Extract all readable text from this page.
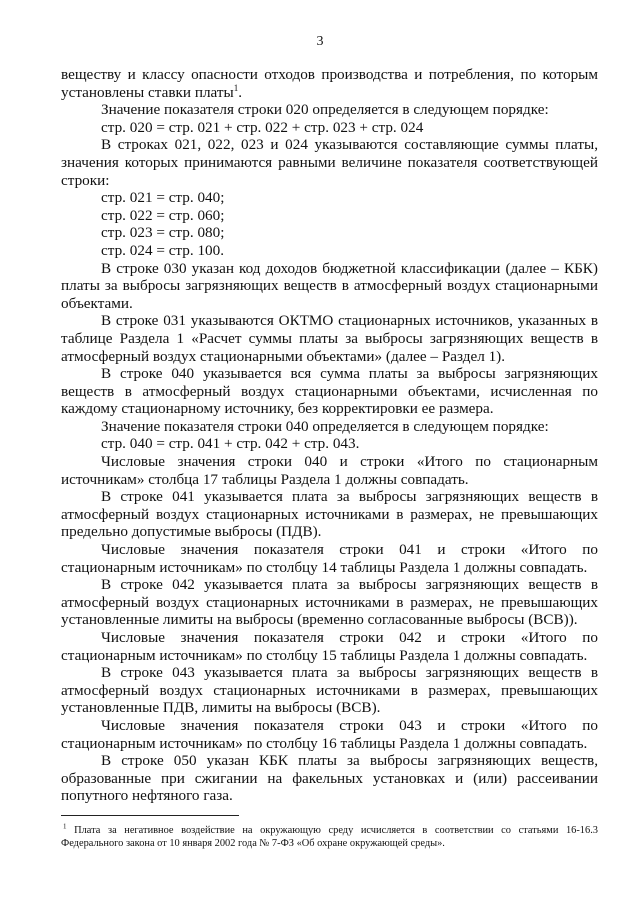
3

веществу и классу опасности отходов производства и потребления, по которым установлены ставки платы$^1$.

Значение показателя строки 020 определяется в следующем порядке:

стр. 020 = стр. 021 + стр. 022 + стр. 023 + стр. 024

В строках 021, 022, 023 и 024 указываются составляющие суммы платы, значения которых принимаются равными величине показателя соответствующей строки:

стр. 021 = стр. 040;

стр. 022 = стр. 060;

стр. 023 = стр. 080;

стр. 024 = стр. 100.

В строке 030 указан код доходов бюджетной классификации (далее – КБК) платы за выбросы загрязняющих веществ в атмосферный воздух стационарными объектами.

В строке 031 указываются ОКТМО стационарных источников, указанных в таблице Раздела 1 «Расчет суммы платы за выбросы загрязняющих веществ в атмосферный воздух стационарными объектами» (далее – Раздел 1).

В строке 040 указывается вся сумма платы за выбросы загрязняющих веществ в атмосферный воздух стационарными объектами, исчисленная по каждому стационарному источнику, без корректировки ее размера.

Значение показателя строки 040 определяется в следующем порядке:

стр. 040 = стр. 041 + стр. 042 + стр. 043.

Числовые значения строки 040 и строки «Итого по стационарным источникам» столбца 17 таблицы Раздела 1 должны совпадать.

В строке 041 указывается плата за выбросы загрязняющих веществ в атмосферный воздух стационарных источниками в размерах, не превышающих предельно допустимые выбросы (ПДВ).

Числовые значения показателя строки 041 и строки «Итого по стационарным источникам» по столбцу 14 таблицы Раздела 1 должны совпадать.

В строке 042 указывается плата за выбросы загрязняющих веществ в атмосферный воздух стационарных источниками в размерах, не превышающих установленные лимиты на выбросы (временно согласованные выбросы (ВСВ)).

Числовые значения показателя строки 042 и строки «Итого по стационарным источникам» по столбцу 15 таблицы Раздела 1 должны совпадать.

В строке 043 указывается плата за выбросы загрязняющих веществ в атмосферный воздух стационарных источниками в размерах, превышающих установленные ПДВ, лимиты на выбросы (ВСВ).

Числовые значения показателя строки 043 и строки «Итого по стационарным источникам» по столбцу 16 таблицы Раздела 1 должны совпадать.

В строке 050 указан КБК платы за выбросы загрязняющих веществ, образованные при сжигании на факельных установках и (или) рассеивании попутного нефтяного газа.

$^1$ Плата за негативное воздействие на окружающую среду исчисляется в соответствии со статьями 16-16.3 Федерального закона от 10 января 2002 года № 7-ФЗ «Об охране окружающей среды».
